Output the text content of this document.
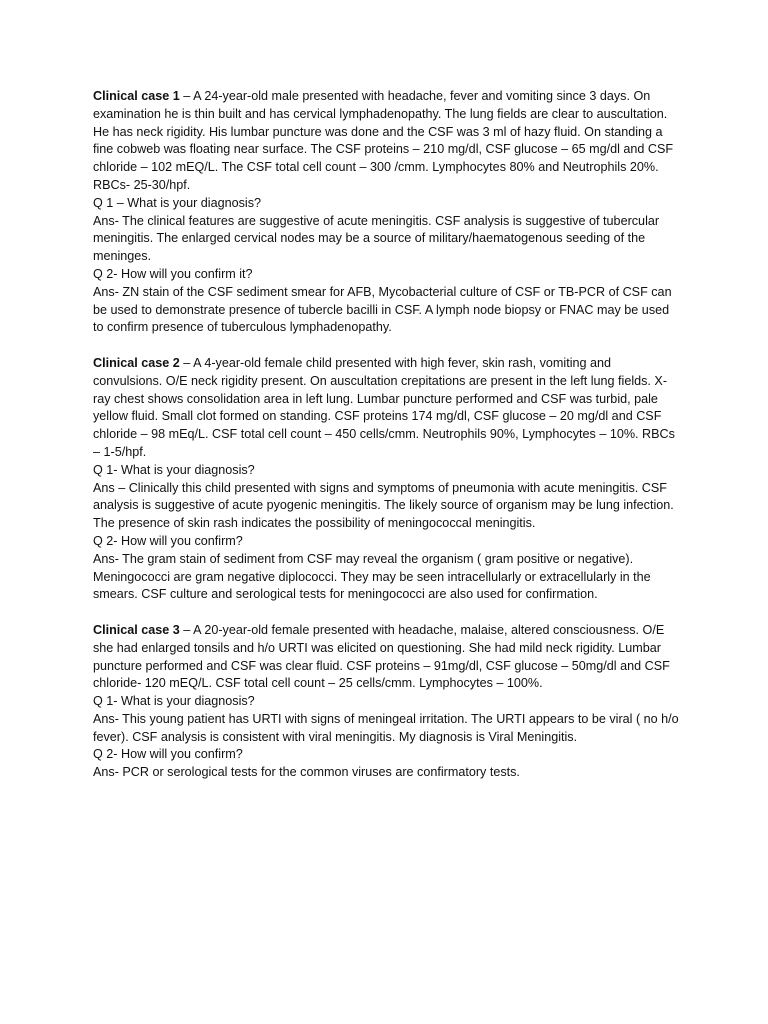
Clinical case 1 – A 24-year-old male presented with headache, fever and vomiting since 3 days. On examination he is thin built and has cervical lymphadenopathy. The lung fields are clear to auscultation. He has neck rigidity. His lumbar puncture was done and the CSF was 3 ml of hazy fluid. On standing a fine cobweb was floating near surface. The CSF proteins – 210 mg/dl, CSF glucose – 65 mg/dl and CSF chloride – 102 mEQ/L. The CSF total cell count – 300 /cmm. Lymphocytes 80% and Neutrophils 20%. RBCs- 25-30/hpf.

Q 1 – What is your diagnosis?

Ans- The clinical features are suggestive of acute meningitis. CSF analysis is suggestive of tubercular meningitis. The enlarged cervical nodes may be a source of military/haematogenous seeding of the meninges.

Q 2- How will you confirm it?

Ans- ZN stain of the CSF sediment smear for AFB, Mycobacterial culture of CSF or TB-PCR of CSF can be used to demonstrate presence of tubercle bacilli in CSF. A lymph node biopsy or FNAC may be used to confirm presence of tuberculous lymphadenopathy.

Clinical case 2 – A 4-year-old female child presented with high fever, skin rash, vomiting and convulsions. O/E neck rigidity present. On auscultation crepitations are present in the left lung fields. X-ray chest shows consolidation area in left lung. Lumbar puncture performed and CSF was turbid, pale yellow fluid. Small clot formed on standing. CSF proteins 174 mg/dl, CSF glucose – 20 mg/dl and CSF chloride – 98 mEq/L. CSF total cell count – 450 cells/cmm. Neutrophils 90%, Lymphocytes – 10%. RBCs – 1-5/hpf.

Q 1- What is your diagnosis?

Ans – Clinically this child presented with signs and symptoms of pneumonia with acute meningitis. CSF analysis is suggestive of acute pyogenic meningitis. The likely source of organism may be lung infection. The presence of skin rash indicates the possibility of meningococcal meningitis.

Q 2- How will you confirm?

Ans- The gram stain of sediment from CSF may reveal the organism ( gram positive or negative). Meningococci are gram negative diplococci. They may be seen intracellularly or extracellularly in the smears. CSF culture and serological tests for meningococci are also used for confirmation.

Clinical case 3 – A 20-year-old female presented with headache, malaise, altered consciousness. O/E she had enlarged tonsils and h/o URTI was elicited on questioning. She had mild neck rigidity. Lumbar puncture performed and CSF was clear fluid. CSF proteins – 91mg/dl, CSF glucose – 50mg/dl and CSF chloride- 120 mEQ/L. CSF total cell count – 25 cells/cmm. Lymphocytes – 100%.

Q 1- What is your diagnosis?

Ans- This young patient has URTI with signs of meningeal irritation. The URTI appears to be viral ( no h/o fever). CSF analysis is consistent with viral meningitis. My diagnosis is Viral Meningitis.

Q 2- How will you confirm?

Ans- PCR or serological tests for the common viruses are confirmatory tests.
